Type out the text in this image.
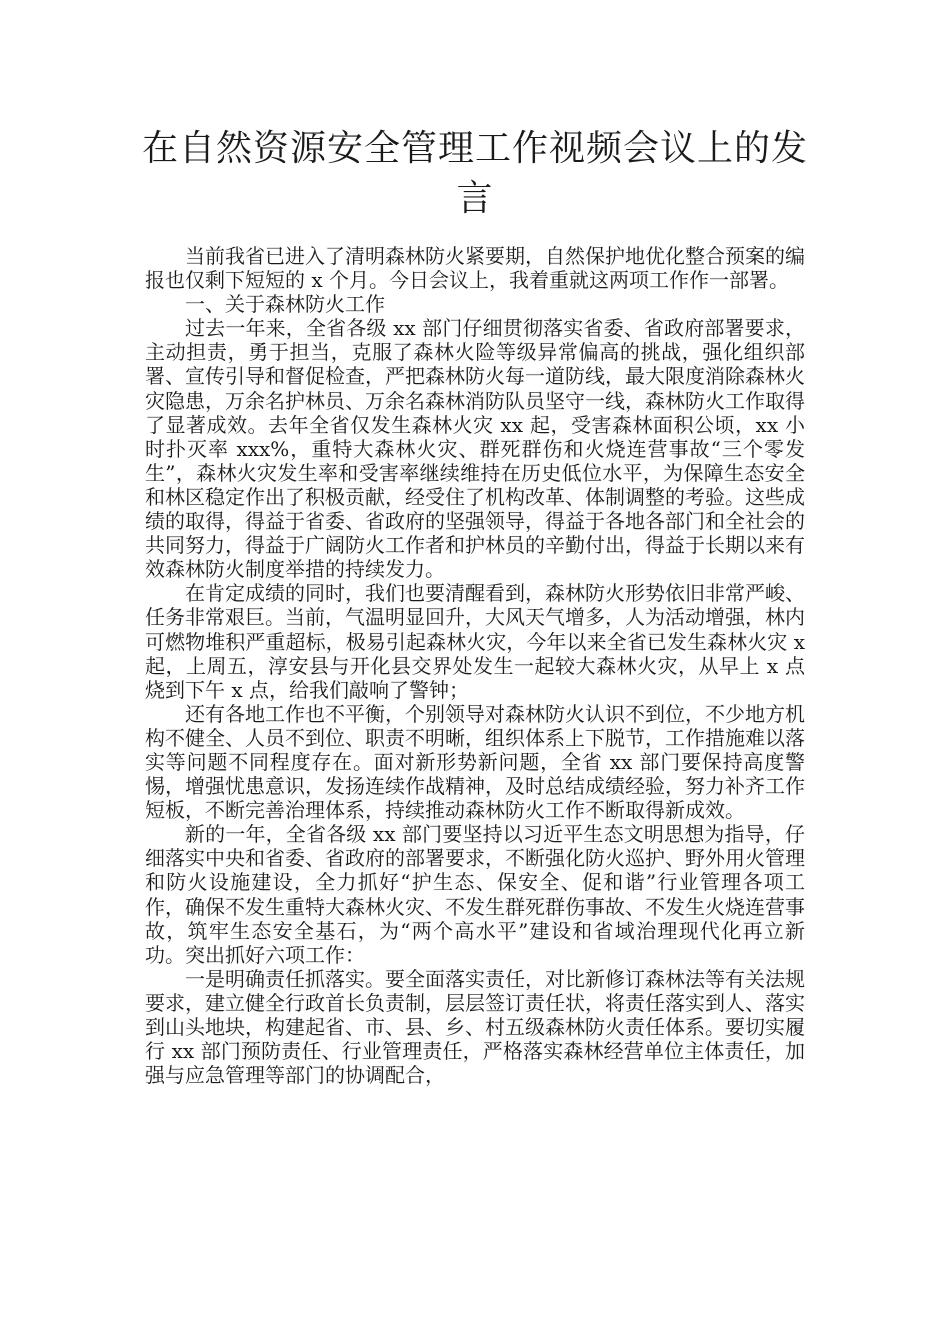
在自然资源安全管理工作视频会议上的发言

当前我省已进入了清明森林防火紧要期，自然保护地优化整合预案的编报也仅剩下短短的 x 个月。今日会议上，我着重就这两项工作作一部署。

一、关于森林防火工作

过去一年来，全省各级 xx 部门仔细贯彻落实省委、省政府部署要求，主动担责，勇于担当，克服了森林火险等级异常偏高的挑战，强化组织部署、宣传引导和督促检查，严把森林防火每一道防线，最大限度消除森林火灾隐患，万余名护林员、万余名森林消防队员坚守一线，森林防火工作取得了显著成效。去年全省仅发生森林火灾 xx 起，受害森林面积公顷，xx 小时扑灭率 xxx%，重特大森林火灾、群死群伤和火烧连营事故“三个零发生”，森林火灾发生率和受害率继续维持在历史低位水平，为保障生态安全和林区稳定作出了积极贡献，经受住了机构改革、体制调整的考验。这些成绩的取得，得益于省委、省政府的坚强领导，得益于各地各部门和全社会的共同努力，得益于广阔防火工作者和护林员的辛勤付出，得益于长期以来有效森林防火制度举措的持续发力。

在肯定成绩的同时，我们也要清醒看到，森林防火形势依旧非常严峻、任务非常艰巨。当前，气温明显回升，大风天气增多，人为活动增强，林内可燃物堆积严重超标，极易引起森林火灾，今年以来全省已发生森林火灾 x 起，上周五，淳安县与开化县交界处发生一起较大森林火灾，从早上 x 点烧到下午 x 点，给我们敲响了警钟；

还有各地工作也不平衡，个别领导对森林防火认识不到位，不少地方机构不健全、人员不到位、职责不明晰，组织体系上下脱节，工作措施难以落实等问题不同程度存在。面对新形势新问题，全省 xx 部门要保持高度警惕，增强忧患意识，发扬连续作战精神，及时总结成绩经验，努力补齐工作短板，不断完善治理体系，持续推动森林防火工作不断取得新成效。

新的一年，全省各级 xx 部门要坚持以习近平生态文明思想为指导，仔细落实中央和省委、省政府的部署要求，不断强化防火巡护、野外用火管理和防火设施建设，全力抓好“护生态、保安全、促和谐”行业管理各项工作，确保不发生重特大森林火灾、不发生群死群伤事故、不发生火烧连营事故，筑牢生态安全基石，为“两个高水平”建设和省域治理现代化再立新功。突出抓好六项工作：

一是明确责任抓落实。要全面落实责任，对比新修订森林法等有关法规要求，建立健全行政首长负责制，层层签订责任状，将责任落实到人、落实到山头地块，构建起省、市、县、乡、村五级森林防火责任体系。要切实履行 xx 部门预防责任、行业管理责任，严格落实森林经营单位主体责任，加强与应急管理等部门的协调配合，
